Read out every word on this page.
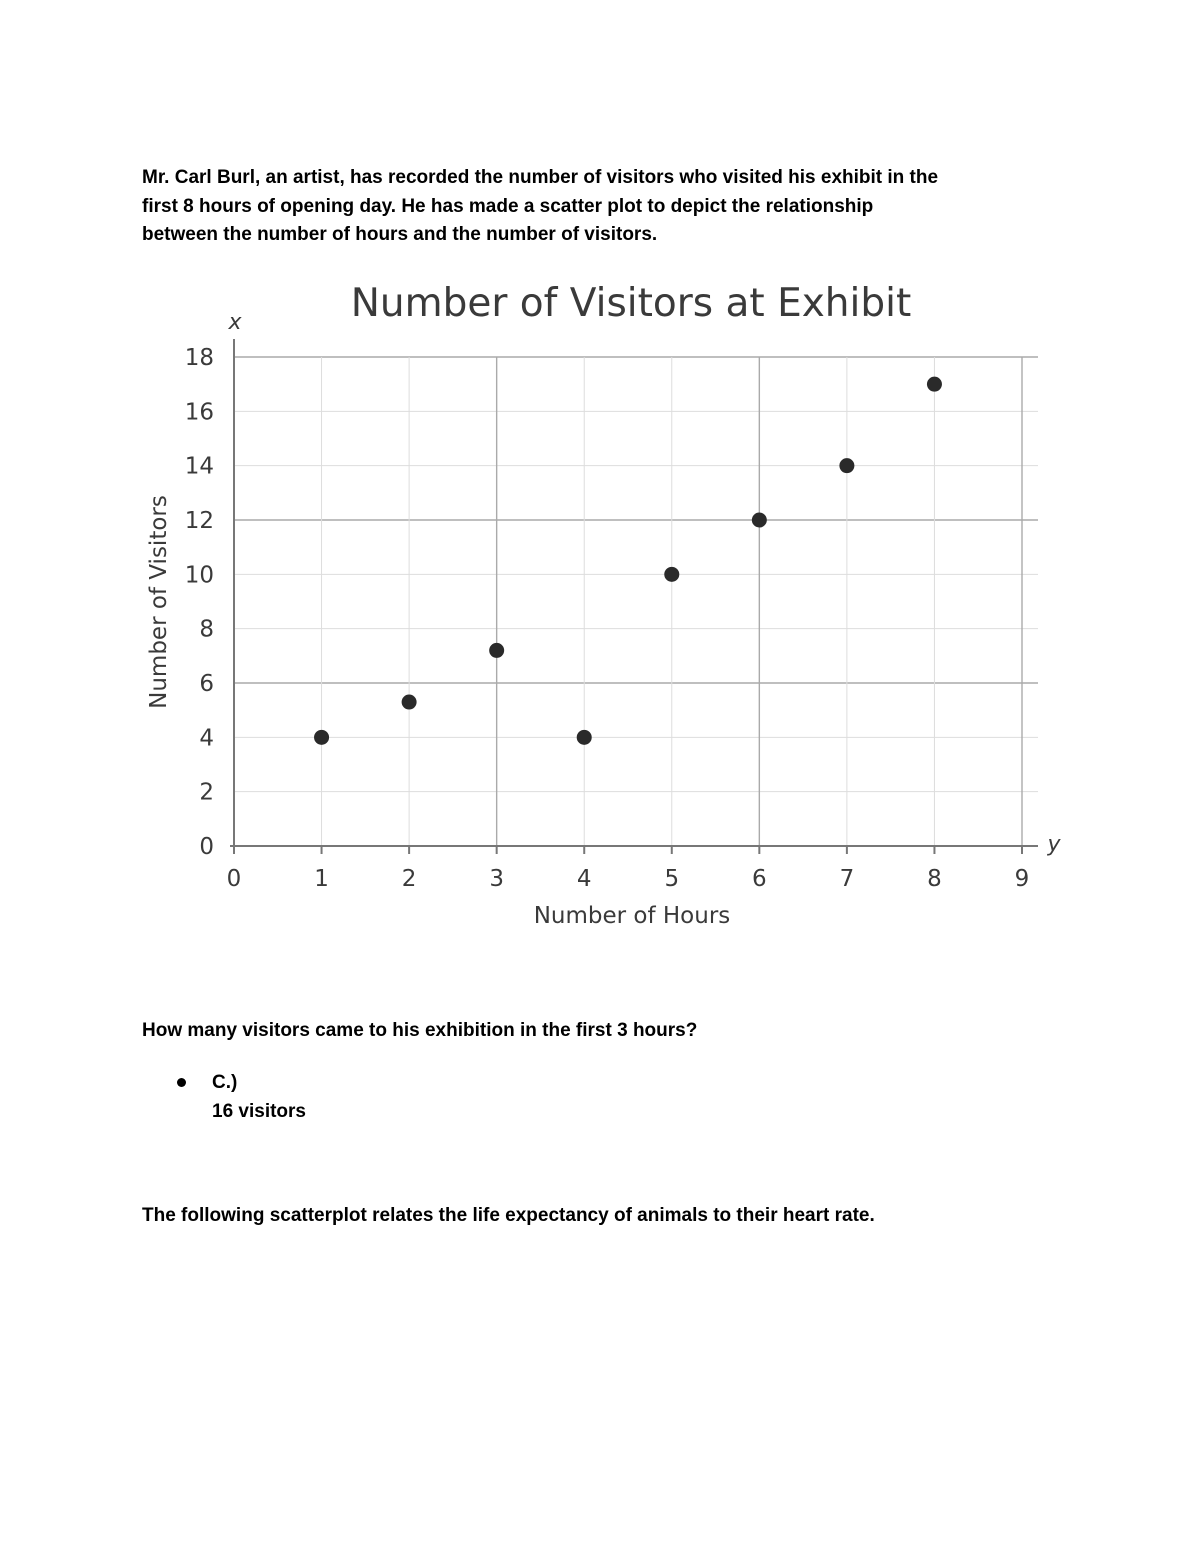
Mr. Carl Burl, an artist, has recorded the number of visitors who visited his exhibit in the
first 8 hours of opening day. He has made a scatter plot to depict the relationship
between the number of hours and the number of visitors.

0	1	2	3	4	5	6	7	8	9
0
2
4
6
8
10
12
14
16
18
Number of Visitors at Exhibit
Number of Hours
Number of Visitors
x
y

How many visitors came to his exhibition in the first 3 hours?

C.)
16 visitors

The following scatterplot relates the life expectancy of animals to their heart rate.
